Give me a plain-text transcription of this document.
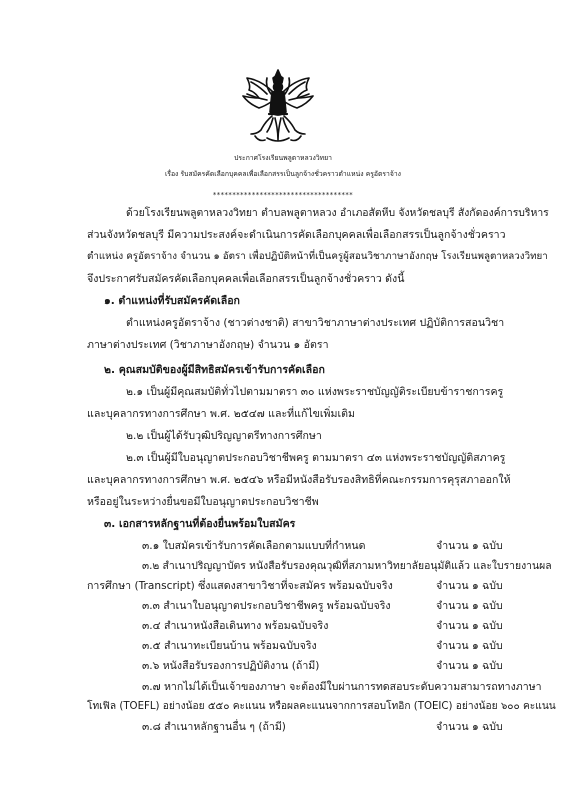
ประกาศโรงเรียนพลูตาหลวงวิทยา
เรื่อง รับสมัครคัดเลือกบุคคลเพื่อเลือกสรรเป็นลูกจ้างชั่วคราวตำแหน่ง ครูอัตราจ้าง
************************************
ด้วยโรงเรียนพลูตาหลวงวิทยา ตำบลพลูตาหลวง อำเภอสัตหีบ จังหวัดชลบุรี สังกัดองค์การบริหาร
ส่วนจังหวัดชลบุรี มีความประสงค์จะดำเนินการคัดเลือกบุคคลเพื่อเลือกสรรเป็นลูกจ้างชั่วคราว
ตำแหน่ง ครูอัตราจ้าง จำนวน ๑ อัตรา เพื่อปฏิบัติหน้าที่เป็นครูผู้สอนวิชาภาษาอังกฤษ โรงเรียนพลูตาหลวงวิทยา
จึงประกาศรับสมัครคัดเลือกบุคคลเพื่อเลือกสรรเป็นลูกจ้างชั่วคราว ดังนี้
๑. ตำแหน่งที่รับสมัครคัดเลือก
ตำแหน่งครูอัตราจ้าง (ชาวต่างชาติ) สาขาวิชาภาษาต่างประเทศ ปฏิบัติการสอนวิชา
ภาษาต่างประเทศ (วิชาภาษาอังกฤษ) จำนวน ๑ อัตรา
๒. คุณสมบัติของผู้มีสิทธิสมัครเข้ารับการคัดเลือก
๒.๑ เป็นผู้มีคุณสมบัติทั่วไปตามมาตรา ๓๐ แห่งพระราชบัญญัติระเบียบข้าราชการครู
และบุคลากรทางการศึกษา พ.ศ. ๒๕๔๗ และที่แก้ไขเพิ่มเติม
๒.๒ เป็นผู้ได้รับวุฒิปริญญาตรีทางการศึกษา
๒.๓ เป็นผู้มีใบอนุญาตประกอบวิชาชีพครู ตามมาตรา ๔๓ แห่งพระราชบัญญัติสภาครู
และบุคลากรทางการศึกษา พ.ศ. ๒๕๔๖ หรือมีหนังสือรับรองสิทธิที่คณะกรรมการคุรุสภาออกให้
หรืออยู่ในระหว่างยื่นขอมีใบอนุญาตประกอบวิชาชีพ
๓. เอกสารหลักฐานที่ต้องยื่นพร้อมใบสมัคร
๓.๑ ใบสมัครเข้ารับการคัดเลือกตามแบบที่กำหนด	จำนวน ๑ ฉบับ
๓.๒ สำเนาปริญญาบัตร หนังสือรับรองคุณวุฒิที่สภามหาวิทยาลัยอนุมัติแล้ว และใบรายงานผล
การศึกษา (Transcript) ซึ่งแสดงสาขาวิชาที่จะสมัคร พร้อมฉบับจริง	จำนวน ๑ ฉบับ
๓.๓ สำเนาใบอนุญาตประกอบวิชาชีพครู พร้อมฉบับจริง	จำนวน ๑ ฉบับ
๓.๔ สำเนาหนังสือเดินทาง พร้อมฉบับจริง	จำนวน ๑ ฉบับ
๓.๕ สำเนาทะเบียนบ้าน พร้อมฉบับจริง	จำนวน ๑ ฉบับ
๓.๖ หนังสือรับรองการปฏิบัติงาน (ถ้ามี)	จำนวน ๑ ฉบับ
๓.๗ หากไม่ได้เป็นเจ้าของภาษา จะต้องมีใบผ่านการทดสอบระดับความสามารถทางภาษา
โทเฟิล (TOEFL) อย่างน้อย ๕๕๐ คะแนน หรือผลคะแนนจากการสอบโทอิก (TOEIC) อย่างน้อย ๖๐๐ คะแนน
๓.๘ สำเนาหลักฐานอื่น ๆ (ถ้ามี)	จำนวน ๑ ฉบับ
